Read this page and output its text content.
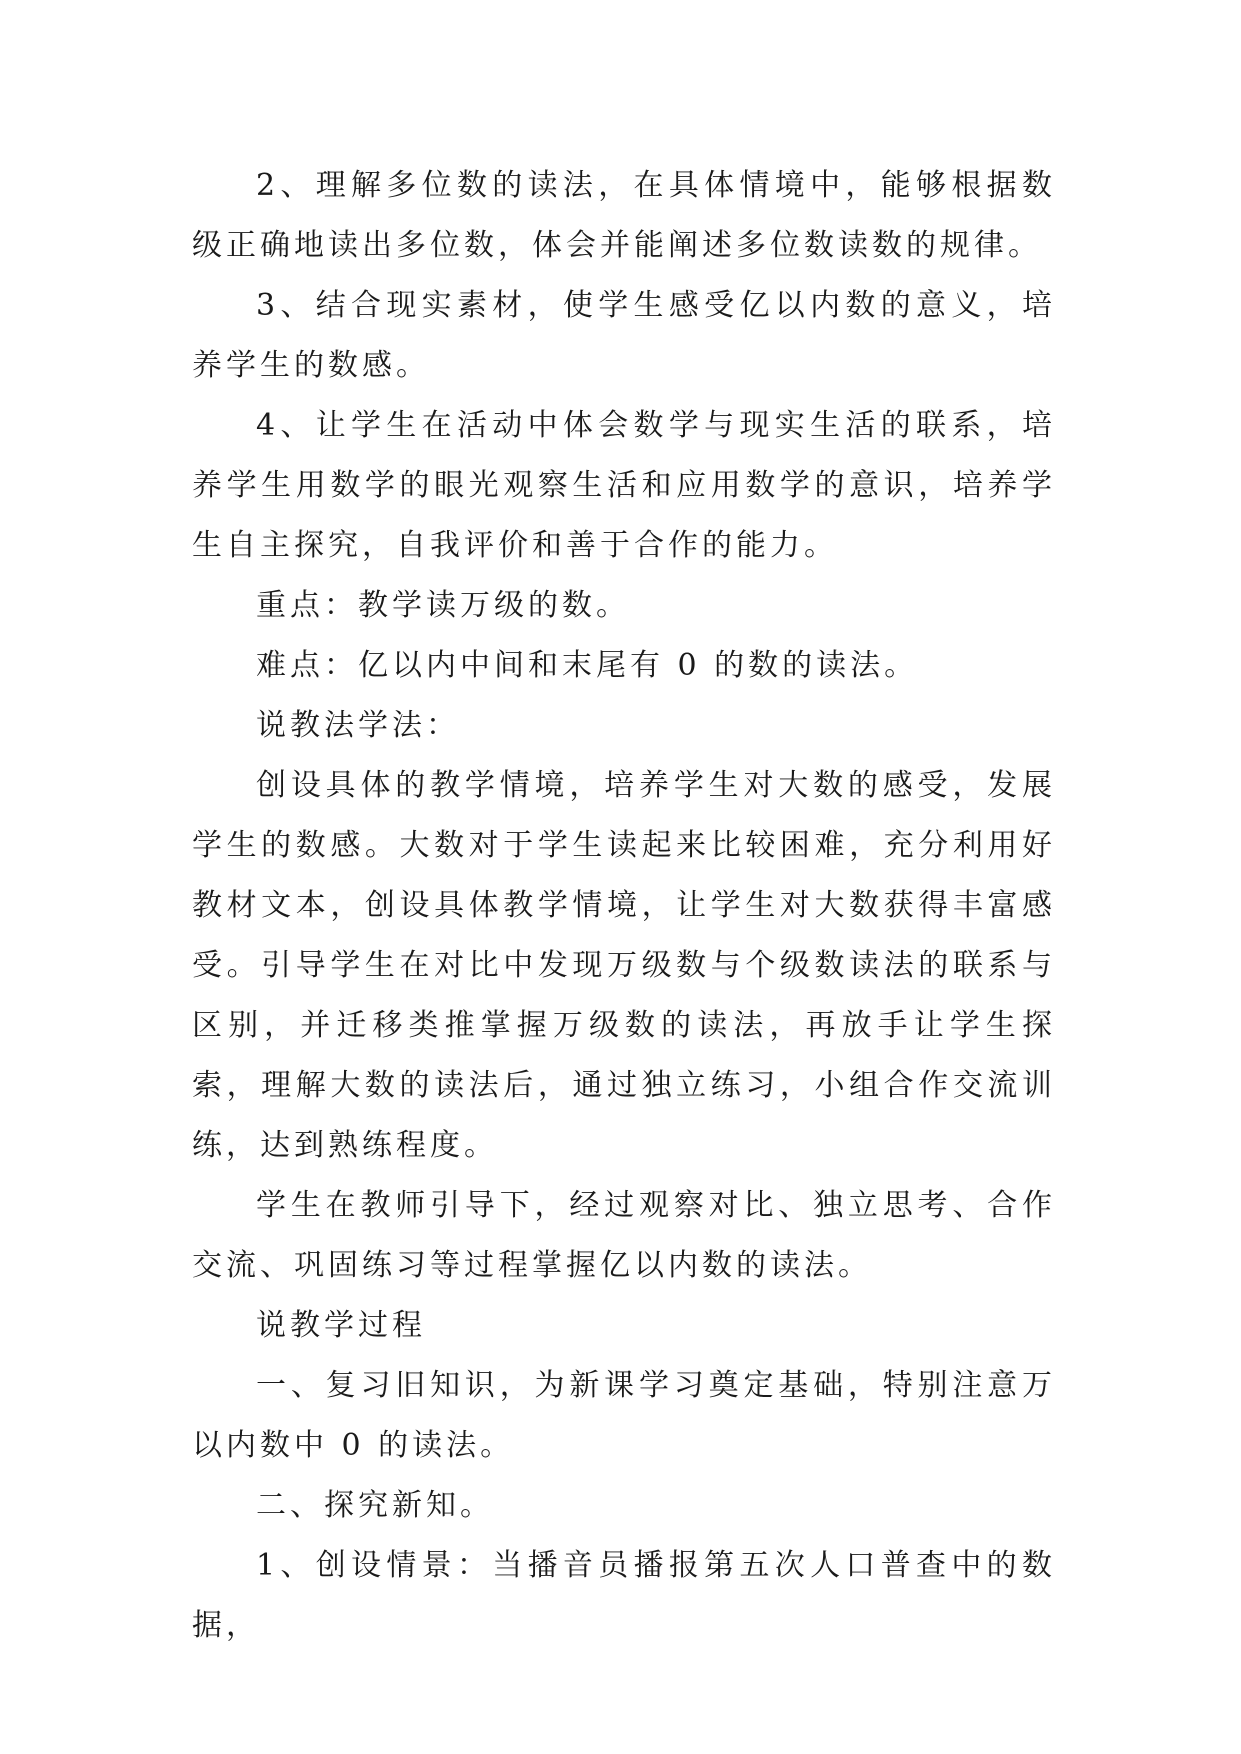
2、理解多位数的读法，在具体情境中，能够根据数级正确地读出多位数，体会并能阐述多位数读数的规律。

3、结合现实素材，使学生感受亿以内数的意义，培养学生的数感。

4、让学生在活动中体会数学与现实生活的联系，培养学生用数学的眼光观察生活和应用数学的意识，培养学生自主探究，自我评价和善于合作的能力。

重点：教学读万级的数。

难点：亿以内中间和末尾有 0 的数的读法。

说教法学法：

创设具体的教学情境，培养学生对大数的感受，发展学生的数感。大数对于学生读起来比较困难，充分利用好教材文本，创设具体教学情境，让学生对大数获得丰富感受。引导学生在对比中发现万级数与个级数读法的联系与区别，并迁移类推掌握万级数的读法，再放手让学生探索，理解大数的读法后，通过独立练习，小组合作交流训练，达到熟练程度。

学生在教师引导下，经过观察对比、独立思考、合作交流、巩固练习等过程掌握亿以内数的读法。

说教学过程

一、复习旧知识，为新课学习奠定基础，特别注意万以内数中 0 的读法。

二、探究新知。

1、创设情景：当播音员播报第五次人口普查中的数据，
